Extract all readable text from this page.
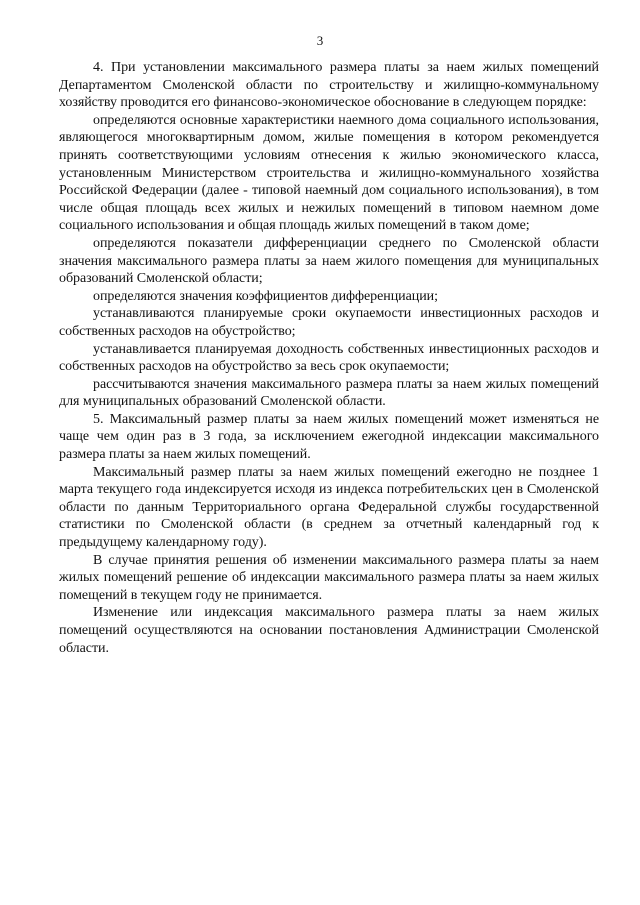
3

4. При установлении максимального размера платы за наем жилых помещений Департаментом Смоленской области по строительству и жилищно-коммунальному хозяйству проводится его финансово-экономическое обоснование в следующем порядке:

определяются основные характеристики наемного дома социального использования, являющегося многоквартирным домом, жилые помещения в котором рекомендуется принять соответствующими условиям отнесения к жилью экономического класса, установленным Министерством строительства и жилищно-коммунального хозяйства Российской Федерации (далее - типовой наемный дом социального использования), в том числе общая площадь всех жилых и нежилых помещений в типовом наемном доме социального использования и общая площадь жилых помещений в таком доме;

определяются показатели дифференциации среднего по Смоленской области значения максимального размера платы за наем жилого помещения для муниципальных образований Смоленской области;

определяются значения коэффициентов дифференциации;

устанавливаются планируемые сроки окупаемости инвестиционных расходов и собственных расходов на обустройство;

устанавливается планируемая доходность собственных инвестиционных расходов и собственных расходов на обустройство за весь срок окупаемости;

рассчитываются значения максимального размера платы за наем жилых помещений для муниципальных образований Смоленской области.

5. Максимальный размер платы за наем жилых помещений может изменяться не чаще чем один раз в 3 года, за исключением ежегодной индексации максимального размера платы за наем жилых помещений.

Максимальный размер платы за наем жилых помещений ежегодно не позднее 1 марта текущего года индексируется исходя из индекса потребительских цен в Смоленской области по данным Территориального органа Федеральной службы государственной статистики по Смоленской области (в среднем за отчетный календарный год к предыдущему календарному году).

В случае принятия решения об изменении максимального размера платы за наем жилых помещений решение об индексации максимального размера платы за наем жилых помещений в текущем году не принимается.

Изменение или индексация максимального размера платы за наем жилых помещений осуществляются на основании постановления Администрации Смоленской области.
